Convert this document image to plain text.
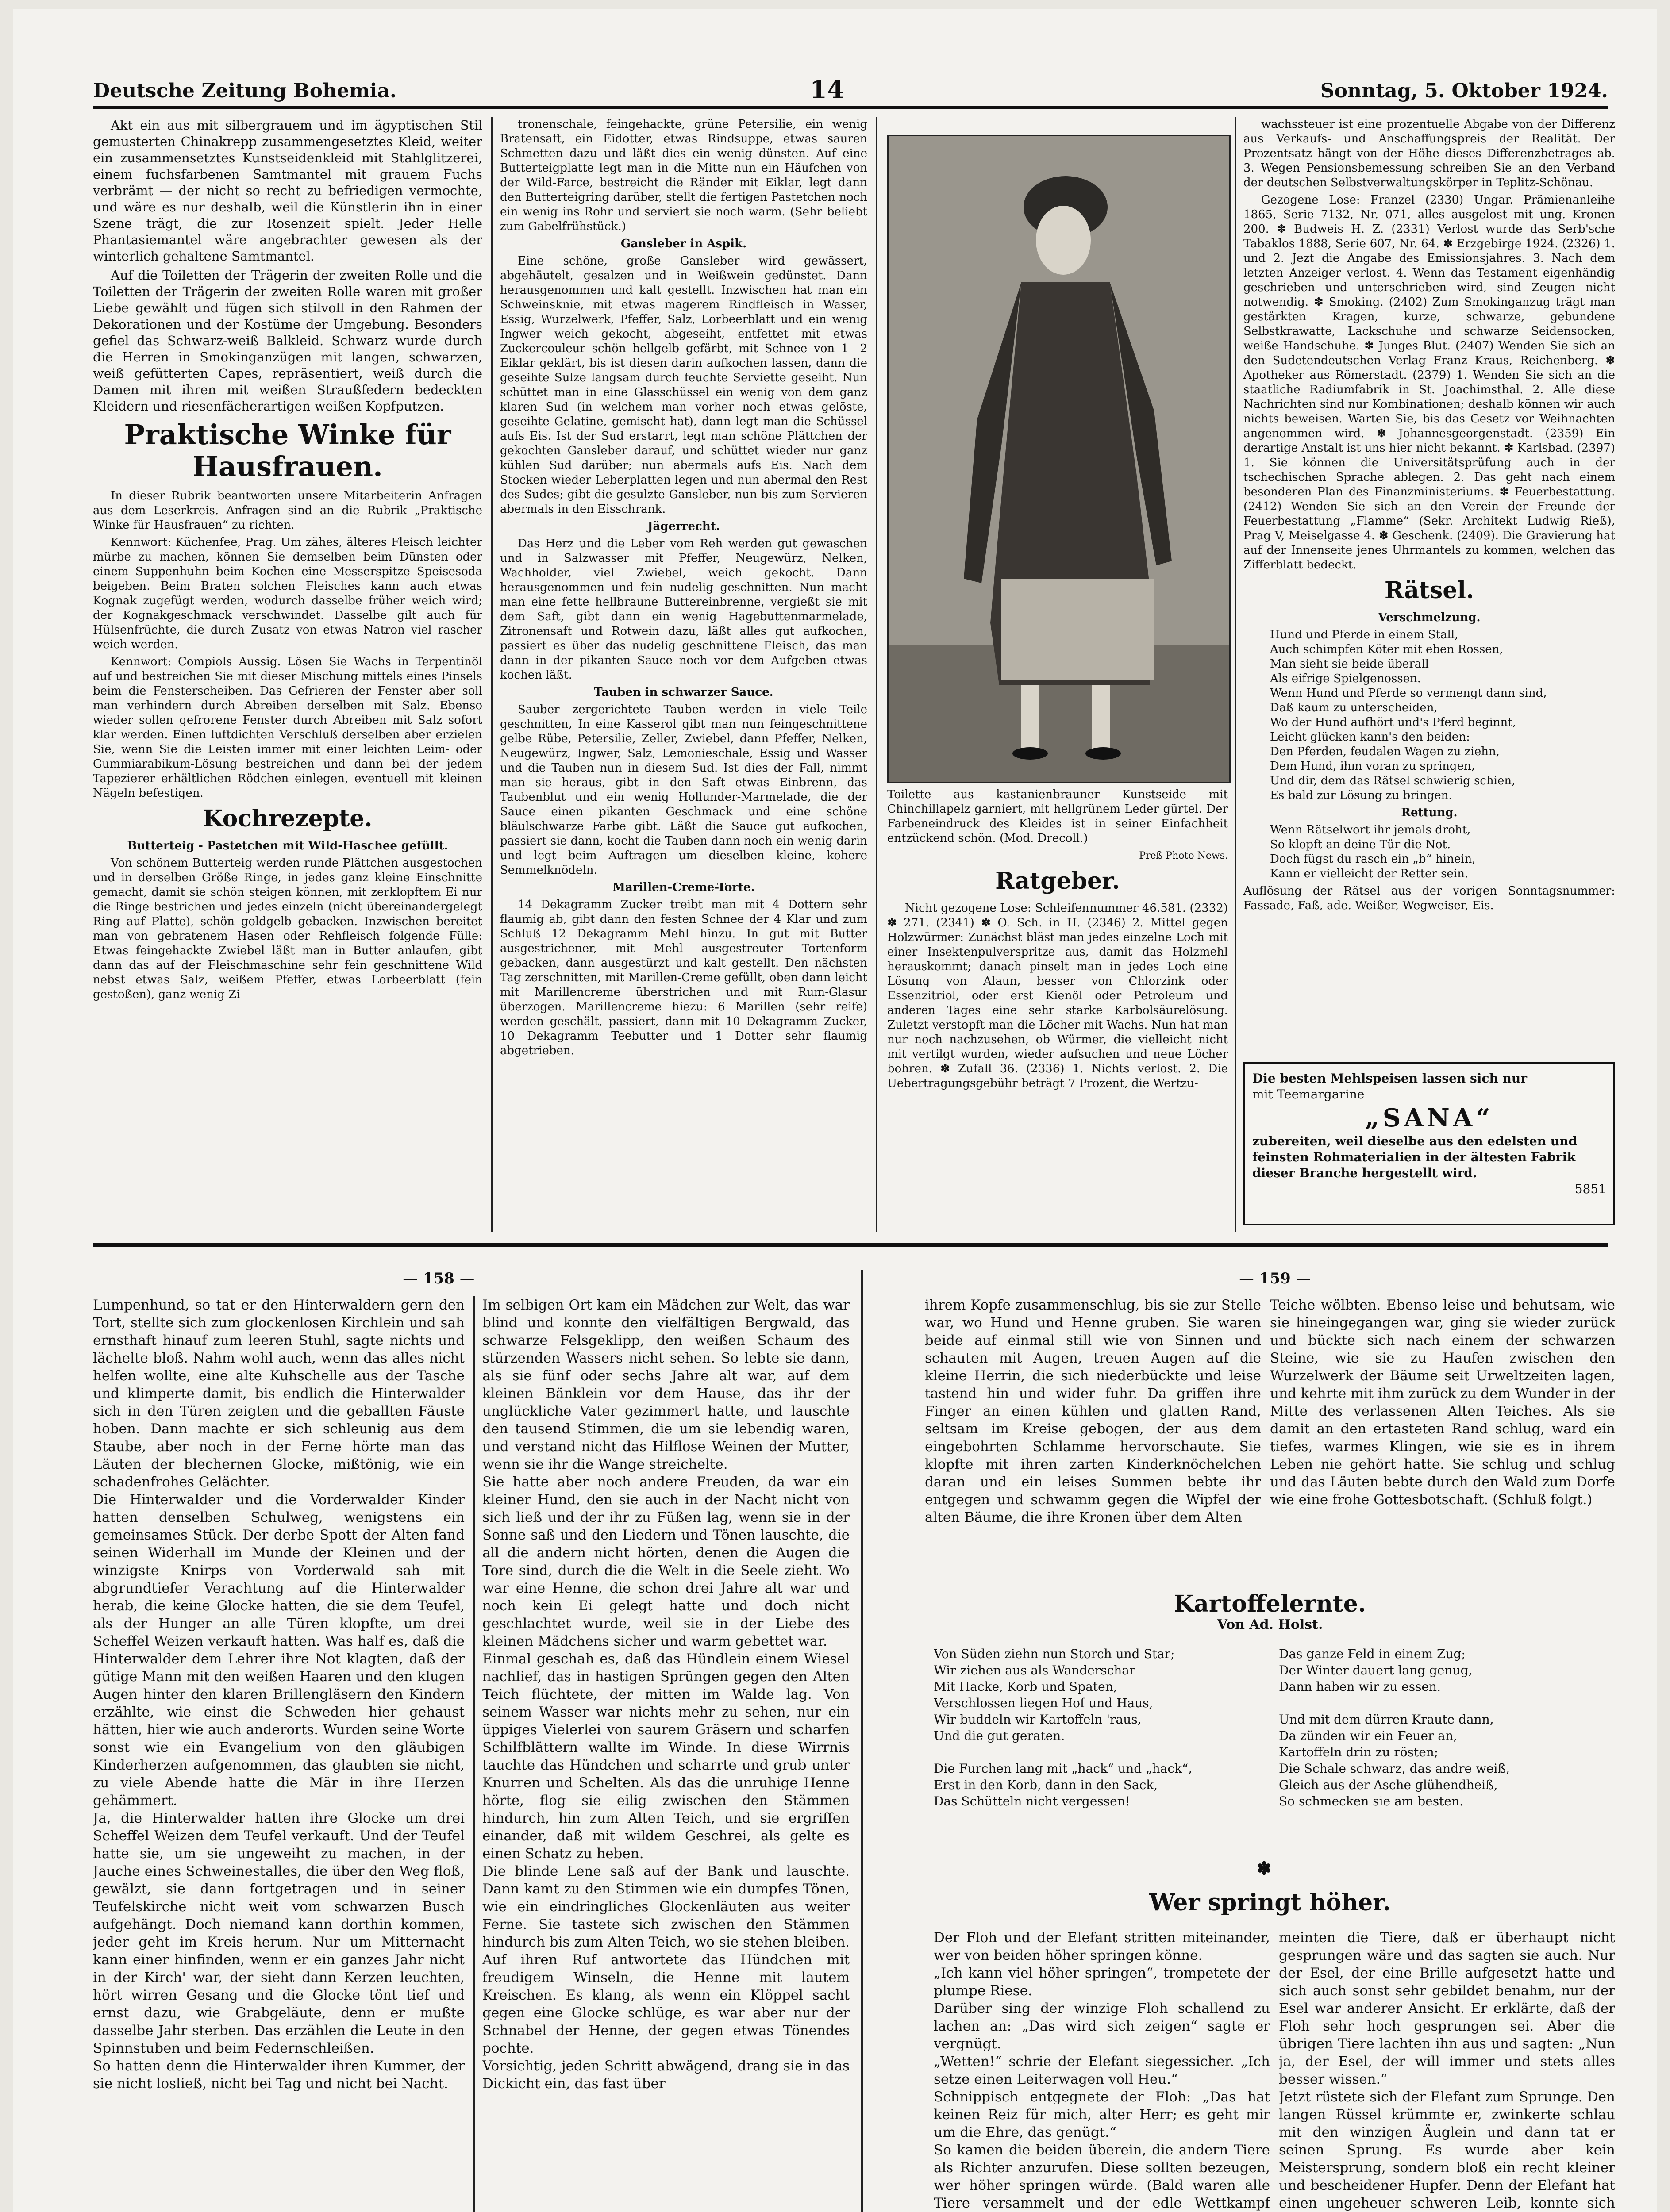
Deutsche Zeitung Bohemia.	14	Sonntag, 5. Oktober 1924.

Akt ein aus mit silbergrauem und im ägyptischen Stil gemusterten Chinakrepp zusammengesetztes Kleid, weiter ein zusammensetztes Kunstseidenkleid mit Stahlglitzerei, einem fuchsfarbenen Samtmantel mit grauem Fuchs verbrämt — der nicht so recht zu befriedigen vermochte, und wäre es nur deshalb, weil die Künstlerin ihn in einer Szene trägt, die zur Rosenzeit spielt. Jeder Helle Phantasiemantel wäre angebrachter gewesen als der winterlich gehaltene Samtmantel.

Auf die Toiletten der Trägerin der zweiten Rolle und die Toiletten der Trägerin der zweiten Rolle waren mit großer Liebe gewählt und fügen sich stilvoll in den Rahmen der Dekorationen und der Kostüme der Umgebung. Besonders gefiel das Schwarz-weiß Balkleid. Schwarz wurde durch die Herren in Smokinganzügen mit langen, schwarzen, weiß gefütterten Capes, repräsentiert, weiß durch die Damen mit ihren mit weißen Straußfedern bedeckten Kleidern und riesenfächerartigen weißen Kopfputzen.

Praktische Winke für Hausfrauen.

In dieser Rubrik beantworten unsere Mitarbeiterin Anfragen aus dem Leserkreis. Anfragen sind an die Rubrik „Praktische Winke für Hausfrauen“ zu richten.

Kennwort: Küchenfee, Prag. Um zähes, älteres Fleisch leichter mürbe zu machen, können Sie demselben beim Dünsten oder einem Suppenhuhn beim Kochen eine Messerspitze Speisesoda beigeben. Beim Braten solchen Fleisches kann auch etwas Kognak zugefügt werden, wodurch dasselbe früher weich wird; der Kognakgeschmack verschwindet. Dasselbe gilt auch für Hülsenfrüchte, die durch Zusatz von etwas Natron viel rascher weich werden.

Kennwort: Compiols Aussig. Lösen Sie Wachs in Terpentinöl auf und bestreichen Sie mit dieser Mischung mittels eines Pinsels beim die Fensterscheiben. Das Gefrieren der Fenster aber soll man verhindern durch Abreiben derselben mit Salz. Ebenso wieder sollen gefrorene Fenster durch Abreiben mit Salz sofort klar werden. Einen luftdichten Verschluß derselben aber erzielen Sie, wenn Sie die Leisten immer mit einer leichten Leim- oder Gummiarabikum-Lösung bestreichen und dann bei der jedem Tapezierer erhältlichen Rödchen einlegen, eventuell mit kleinen Nägeln befestigen.

Kochrezepte.

Butterteig - Pastetchen mit Wild-Haschee gefüllt.

Von schönem Butterteig werden runde Plättchen ausgestochen und in derselben Größe Ringe, in jedes ganz kleine Einschnitte gemacht, damit sie schön steigen können, mit zerklopftem Ei nur die Ringe bestrichen und jedes einzeln (nicht übereinandergelegt Ring auf Platte), schön goldgelb gebacken. Inzwischen bereitet man von gebratenem Hasen oder Rehfleisch folgende Fülle: Etwas feingehackte Zwiebel läßt man in Butter anlaufen, gibt dann das auf der Fleischmaschine sehr fein geschnittene Wild nebst etwas Salz, weißem Pfeffer, etwas Lorbeerblatt (fein gestoßen), ganz wenig Zi-

tronenschale, feingehackte, grüne Petersilie, ein wenig Bratensaft, ein Eidotter, etwas Rindsuppe, etwas sauren Schmetten dazu und läßt dies ein wenig dünsten. Auf eine Butterteigplatte legt man in die Mitte nun ein Häufchen von der Wild-Farce, bestreicht die Ränder mit Eiklar, legt dann den Butterteigring darüber, stellt die fertigen Pastetchen noch ein wenig ins Rohr und serviert sie noch warm. (Sehr beliebt zum Gabelfrühstück.)

Gansleber in Aspik.

Eine schöne, große Gansleber wird gewässert, abgehäutelt, gesalzen und in Weißwein gedünstet. Dann herausgenommen und kalt gestellt. Inzwischen hat man ein Schweinsknie, mit etwas magerem Rindfleisch in Wasser, Essig, Wurzelwerk, Pfeffer, Salz, Lorbeerblatt und ein wenig Ingwer weich gekocht, abgeseiht, entfettet mit etwas Zuckercouleur schön hellgelb gefärbt, mit Schnee von 1—2 Eiklar geklärt, bis ist diesen darin aufkochen lassen, dann die geseihte Sulze langsam durch feuchte Serviette geseiht. Nun schüttet man in eine Glasschüssel ein wenig von dem ganz klaren Sud (in welchem man vorher noch etwas gelöste, geseihte Gelatine, gemischt hat), dann legt man die Schüssel aufs Eis. Ist der Sud erstarrt, legt man schöne Plättchen der gekochten Gansleber darauf, und schüttet wieder nur ganz kühlen Sud darüber; nun abermals aufs Eis. Nach dem Stocken wieder Leberplatten legen und nun abermal den Rest des Sudes; gibt die gesulzte Gansleber, nun bis zum Servieren abermals in den Eisschrank.

Jägerrecht.

Das Herz und die Leber vom Reh werden gut gewaschen und in Salzwasser mit Pfeffer, Neugewürz, Nelken, Wachholder, viel Zwiebel, weich gekocht. Dann herausgenommen und fein nudelig geschnitten. Nun macht man eine fette hellbraune Buttereinbrenne, vergießt sie mit dem Saft, gibt dann ein wenig Hagebuttenmarmelade, Zitronensaft und Rotwein dazu, läßt alles gut aufkochen, passiert es über das nudelig geschnittene Fleisch, das man dann in der pikanten Sauce noch vor dem Aufgeben etwas kochen läßt.

Tauben in schwarzer Sauce.

Sauber zergerichtete Tauben werden in viele Teile geschnitten, In eine Kasserol gibt man nun feingeschnittene gelbe Rübe, Petersilie, Zeller, Zwiebel, dann Pfeffer, Nelken, Neugewürz, Ingwer, Salz, Lemonieschale, Essig und Wasser und die Tauben nun in diesem Sud. Ist dies der Fall, nimmt man sie heraus, gibt in den Saft etwas Einbrenn, das Taubenblut und ein wenig Hollunder-Marmelade, die der Sauce einen pikanten Geschmack und eine schöne bläulschwarze Farbe gibt. Läßt die Sauce gut aufkochen, passiert sie dann, kocht die Tauben dann noch ein wenig darin und legt beim Auftragen um dieselben kleine, kohere Semmelknödeln.

Marillen-Creme-Torte.

14 Dekagramm Zucker treibt man mit 4 Dottern sehr flaumig ab, gibt dann den festen Schnee der 4 Klar und zum Schluß 12 Dekagramm Mehl hinzu. In gut mit Butter ausgestrichener, mit Mehl ausgestreuter Tortenform gebacken, dann ausgestürzt und kalt gestellt. Den nächsten Tag zerschnitten, mit Marillen-Creme gefüllt, oben dann leicht mit Marillencreme überstrichen und mit Rum-Glasur überzogen. Marillencreme hiezu: 6 Marillen (sehr reife) werden geschält, passiert, dann mit 10 Dekagramm Zucker, 10 Dekagramm Teebutter und 1 Dotter sehr flaumig abgetrieben.

Toilette aus kastanienbrauner Kunstseide mit Chinchillapelz garniert, mit hellgrünem Leder gürtel. Der Farbeneindruck des Kleides ist in seiner Einfachheit entzückend schön. (Mod. Drecoll.)

Preß Photo News.

Ratgeber.

Nicht gezogene Lose: Schleifennummer 46.581. (2332) ✽ 271. (2341) ✽ O. Sch. in H. (2346) 2. Mittel gegen Holzwürmer: Zunächst bläst man jedes einzelne Loch mit einer Insektenpulverspritze aus, damit das Holzmehl herauskommt; danach pinselt man in jedes Loch eine Lösung von Alaun, besser von Chlorzink oder Essenzitriol, oder erst Kienöl oder Petroleum und anderen Tages eine sehr starke Karbolsäurelösung. Zuletzt verstopft man die Löcher mit Wachs. Nun hat man nur noch nachzusehen, ob Würmer, die vielleicht nicht mit vertilgt wurden, wieder aufsuchen und neue Löcher bohren. ✽ Zufall 36. (2336) 1. Nichts verlost. 2. Die Uebertragungsgebühr beträgt 7 Prozent, die Wertzu-

wachssteuer ist eine prozentuelle Abgabe von der Differenz aus Verkaufs- und Anschaffungspreis der Realität. Der Prozentsatz hängt von der Höhe dieses Differenzbetrages ab. 3. Wegen Pensionsbemessung schreiben Sie an den Verband der deutschen Selbstverwaltungskörper in Teplitz-Schönau.

Gezogene Lose: Franzel (2330) Ungar. Prämienanleihe 1865, Serie 7132, Nr. 071, alles ausgelost mit ung. Kronen 200. ✽ Budweis H. Z. (2331) Verlost wurde das Serb'sche Tabaklos 1888, Serie 607, Nr. 64. ✽ Erzgebirge 1924. (2326) 1. und 2. Jezt die Angabe des Emissionsjahres. 3. Nach dem letzten Anzeiger verlost. 4. Wenn das Testament eigenhändig geschrieben und unterschrieben wird, sind Zeugen nicht notwendig. ✽ Smoking. (2402) Zum Smokinganzug trägt man gestärkten Kragen, kurze, schwarze, gebundene Selbstkrawatte, Lackschuhe und schwarze Seidensocken, weiße Handschuhe. ✽ Junges Blut. (2407) Wenden Sie sich an den Sudetendeutschen Verlag Franz Kraus, Reichenberg. ✽ Apotheker aus Römerstadt. (2379) 1. Wenden Sie sich an die staatliche Radiumfabrik in St. Joachimsthal. 2. Alle diese Nachrichten sind nur Kombinationen; deshalb können wir auch nichts beweisen. Warten Sie, bis das Gesetz vor Weihnachten angenommen wird. ✽ Johannesgeorgenstadt. (2359) Ein derartige Anstalt ist uns hier nicht bekannt. ✽ Karlsbad. (2397) 1. Sie können die Universitätsprüfung auch in der tschechischen Sprache ablegen. 2. Das geht nach einem besonderen Plan des Finanzministeriums. ✽ Feuerbestattung. (2412) Wenden Sie sich an den Verein der Freunde der Feuerbestattung „Flamme“ (Sekr. Architekt Ludwig Rieß), Prag V, Meiselgasse 4. ✽ Geschenk. (2409). Die Gravierung hat auf der Innenseite jenes Uhrmantels zu kommen, welchen das Zifferblatt bedeckt.

Rätsel.

Verschmelzung.

Hund und Pferde in einem Stall,
Auch schimpfen Köter mit eben Rossen,
Man sieht sie beide überall
Als eifrige Spielgenossen.
Wenn Hund und Pferde so vermengt dann sind,
Daß kaum zu unterscheiden,
Wo der Hund aufhört und's Pferd beginnt,
Leicht glücken kann's den beiden:
Den Pferden, feudalen Wagen zu ziehn,
Dem Hund, ihm voran zu springen,
Und dir, dem das Rätsel schwierig schien,
Es bald zur Lösung zu bringen.

Rettung.

Wenn Rätselwort ihr jemals droht,
So klopft an deine Tür die Not.
Doch fügst du rasch ein „b“ hinein,
Kann er vielleicht der Retter sein.

Auflösung der Rätsel aus der vorigen Sonntagsnummer: Fassade, Faß, ade. Weißer, Wegweiser, Eis.

Die besten Mehlspeisen lassen sich nur
mit Teemargarine
„SANA“
zubereiten, weil dieselbe aus den edelsten und feinsten Rohmaterialien in der ältesten Fabrik dieser Branche hergestellt wird.
5851
— 158 —	— 159 —

Lumpenhund, so tat er den Hinterwaldern gern den Tort, stellte sich zum glockenlosen Kirchlein und sah ernsthaft hinauf zum leeren Stuhl, sagte nichts und lächelte bloß. Nahm wohl auch, wenn das alles nicht helfen wollte, eine alte Kuhschelle aus der Tasche und klimperte damit, bis endlich die Hinterwalder sich in den Türen zeigten und die geballten Fäuste hoben. Dann machte er sich schleunig aus dem Staube, aber noch in der Ferne hörte man das Läuten der blechernen Glocke, mißtönig, wie ein schadenfrohes Gelächter.
Die Hinterwalder und die Vorderwalder Kinder hatten denselben Schulweg, wenigstens ein gemeinsames Stück. Der derbe Spott der Alten fand seinen Widerhall im Munde der Kleinen und der winzigste Knirps von Vorderwald sah mit abgrundtiefer Verachtung auf die Hinterwalder herab, die keine Glocke hatten, die sie dem Teufel, als der Hunger an alle Türen klopfte, um drei Scheffel Weizen verkauft hatten. Was half es, daß die Hinterwalder dem Lehrer ihre Not klagten, daß der gütige Mann mit den weißen Haaren und den klugen Augen hinter den klaren Brillengläsern den Kindern erzählte, wie einst die Schweden hier gehaust hätten, hier wie auch anderorts. Wurden seine Worte sonst wie ein Evangelium von den gläubigen Kinderherzen aufgenommen, das glaubten sie nicht, zu viele Abende hatte die Mär in ihre Herzen gehämmert.
Ja, die Hinterwalder hatten ihre Glocke um drei Scheffel Weizen dem Teufel verkauft. Und der Teufel hatte sie, um sie ungeweiht zu machen, in der Jauche eines Schweinestalles, die über den Weg floß, gewälzt, sie dann fortgetragen und in seiner Teufelskirche nicht weit vom schwarzen Busch aufgehängt. Doch niemand kann dorthin kommen, jeder geht im Kreis herum. Nur um Mitternacht kann einer hinfinden, wenn er ein ganzes Jahr nicht in der Kirch' war, der sieht dann Kerzen leuchten, hört wirren Gesang und die Glocke tönt tief und ernst dazu, wie Grabgeläute, denn er mußte dasselbe Jahr sterben. Das erzählen die Leute in den Spinnstuben und beim Federnschleißen.
So hatten denn die Hinterwalder ihren Kummer, der sie nicht losließ, nicht bei Tag und nicht bei Nacht.

Im selbigen Ort kam ein Mädchen zur Welt, das war blind und konnte den vielfältigen Bergwald, das schwarze Felsgeklipp, den weißen Schaum des stürzenden Wassers nicht sehen. So lebte sie dann, als sie fünf oder sechs Jahre alt war, auf dem kleinen Bänklein vor dem Hause, das ihr der unglückliche Vater gezimmert hatte, und lauschte den tausend Stimmen, die um sie lebendig waren, und verstand nicht das Hilflose Weinen der Mutter, wenn sie ihr die Wange streichelte.
Sie hatte aber noch andere Freuden, da war ein kleiner Hund, den sie auch in der Nacht nicht von sich ließ und der ihr zu Füßen lag, wenn sie in der Sonne saß und den Liedern und Tönen lauschte, die all die andern nicht hörten, denen die Augen die Tore sind, durch die die Welt in die Seele zieht. Wo war eine Henne, die schon drei Jahre alt war und noch kein Ei gelegt hatte und doch nicht geschlachtet wurde, weil sie in der Liebe des kleinen Mädchens sicher und warm gebettet war.
Einmal geschah es, daß das Hündlein einem Wiesel nachlief, das in hastigen Sprüngen gegen den Alten Teich flüchtete, der mitten im Walde lag. Von seinem Wasser war nichts mehr zu sehen, nur ein üppiges Vielerlei von saurem Gräsern und scharfen Schilfblättern wallte im Winde. In diese Wirrnis tauchte das Hündchen und scharrte und grub unter Knurren und Schelten. Als das die unruhige Henne hörte, flog sie eilig zwischen den Stämmen hindurch, hin zum Alten Teich, und sie ergriffen einander, daß mit wildem Geschrei, als gelte es einen Schatz zu heben.
Die blinde Lene saß auf der Bank und lauschte. Dann kamt zu den Stimmen wie ein dumpfes Tönen, wie ein eindringliches Glockenläuten aus weiter Ferne. Sie tastete sich zwischen den Stämmen hindurch bis zum Alten Teich, wo sie stehen bleiben. Auf ihren Ruf antwortete das Hündchen mit freudigem Winseln, die Henne mit lautem Kreischen. Es klang, als wenn ein Klöppel sacht gegen eine Glocke schlüge, es war aber nur der Schnabel der Henne, der gegen etwas Tönendes pochte.
Vorsichtig, jeden Schritt abwägend, drang sie in das Dickicht ein, das fast über

ihrem Kopfe zusammenschlug, bis sie zur Stelle war, wo Hund und Henne gruben. Sie waren beide auf einmal still wie von Sinnen und schauten mit Augen, treuen Augen auf die kleine Herrin, die sich niederbückte und leise tastend hin und wider fuhr. Da griffen ihre Finger an einen kühlen und glatten Rand, seltsam im Kreise gebogen, der aus dem eingebohrten Schlamme hervorschaute. Sie klopfte mit ihren zarten Kinderknöchelchen daran und ein leises Summen bebte ihr entgegen und schwamm gegen die Wipfel der alten Bäume, die ihre Kronen über dem Alten

Teiche wölbten. Ebenso leise und behutsam, wie sie hineingegangen war, ging sie wieder zurück und bückte sich nach einem der schwarzen Steine, wie sie zu Haufen zwischen den Wurzelwerk der Bäume seit Urweltzeiten lagen, und kehrte mit ihm zurück zu dem Wunder in der Mitte des verlassenen Alten Teiches. Als sie damit an den ertasteten Rand schlug, ward ein tiefes, warmes Klingen, wie sie es in ihrem Leben nie gehört hatte. Sie schlug und schlug und das Läuten bebte durch den Wald zum Dorfe wie eine frohe Gottesbotschaft. (Schluß folgt.)

Kartoffelernte.
Von Ad. Holst.

Von Süden ziehn nun Storch und Star;
Wir ziehen aus als Wanderschar
Mit Hacke, Korb und Spaten,
Verschlossen liegen Hof und Haus,
Wir buddeln wir Kartoffeln 'raus,
Und die gut geraten.

Die Furchen lang mit „hack“ und „hack“,
Erst in den Korb, dann in den Sack,
Das Schütteln nicht vergessen!

Das ganze Feld in einem Zug;
Der Winter dauert lang genug,
Dann haben wir zu essen.

Und mit dem dürren Kraute dann,
Da zünden wir ein Feuer an,
Kartoffeln drin zu rösten;
Die Schale schwarz, das andre weiß,
Gleich aus der Asche glühendheiß,
So schmecken sie am besten.

✽
Wer springt höher.

Der Floh und der Elefant stritten miteinander, wer von beiden höher springen könne.
„Ich kann viel höher springen“, trompetete der plumpe Riese.
Darüber sing der winzige Floh schallend zu lachen an: „Das wird sich zeigen“ sagte er vergnügt.
„Wetten!“ schrie der Elefant siegessicher. „Ich setze einen Leiterwagen voll Heu.“
Schnippisch entgegnete der Floh: „Das hat keinen Reiz für mich, alter Herr; es geht mir um die Ehre, das genügt.“
So kamen die beiden überein, die andern Tiere als Richter anzurufen. Diese sollten bezeugen, wer höher springen würde. (Bald waren alle Tiere versammelt und der edle Wettkampf

meinten die Tiere, daß er überhaupt nicht gesprungen wäre und das sagten sie auch. Nur der Esel, der eine Brille aufgesetzt hatte und sich auch sonst sehr gebildet benahm, nur der Esel war anderer Ansicht. Er erklärte, daß der Floh sehr hoch gesprungen sei. Aber die übrigen Tiere lachten ihn aus und sagten: „Nun ja, der Esel, der will immer und stets alles besser wissen.“
Jetzt rüstete sich der Elefant zum Sprunge. Den langen Rüssel krümmte er, zwinkerte schlau mit den winzigen Äuglein und dann tat er seinen Sprung. Es wurde aber kein Meistersprung, sondern bloß ein recht kleiner und bescheidener Hupfer. Denn der Elefant hat einen ungeheuer schweren Leib, konnte sich
